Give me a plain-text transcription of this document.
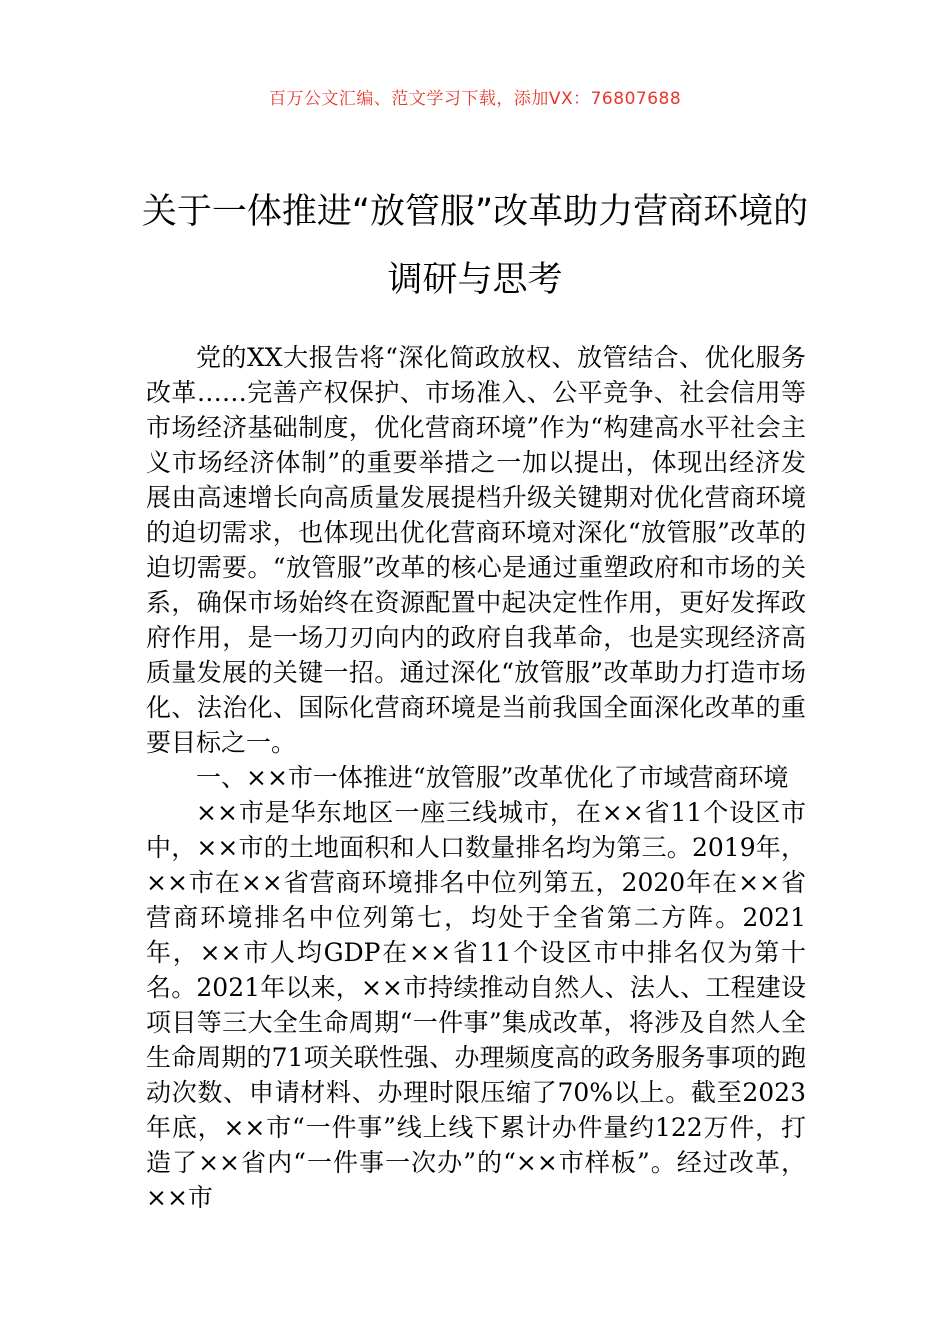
百万公文汇编、范文学习下载，添加VX：76807688
关于一体推进“放管服”改革助力营商环境的调研与思考

党的XX大报告将“深化简政放权、放管结合、优化服务改革……完善产权保护、市场准入、公平竞争、社会信用等市场经济基础制度，优化营商环境”作为“构建高水平社会主义市场经济体制”的重要举措之一加以提出，体现出经济发展由高速增长向高质量发展提档升级关键期对优化营商环境的迫切需求，也体现出优化营商环境对深化“放管服”改革的迫切需要。“放管服”改革的核心是通过重塑政府和市场的关系，确保市场始终在资源配置中起决定性作用，更好发挥政府作用，是一场刀刃向内的政府自我革命，也是实现经济高质量发展的关键一招。通过深化“放管服”改革助力打造市场化、法治化、国际化营商环境是当前我国全面深化改革的重要目标之一。

一、××市一体推进“放管服”改革优化了市域营商环境

××市是华东地区一座三线城市，在××省11个设区市中，××市的土地面积和人口数量排名均为第三。2019年，××市在××省营商环境排名中位列第五，2020年在××省营商环境排名中位列第七，均处于全省第二方阵。2021年，××市人均GDP在××省11个设区市中排名仅为第十名。2021年以来，××市持续推动自然人、法人、工程建设项目等三大全生命周期“一件事”集成改革，将涉及自然人全生命周期的71项关联性强、办理频度高的政务服务事项的跑动次数、申请材料、办理时限压缩了70%以上。截至2023年底，××市“一件事”线上线下累计办件量约122万件，打造了××省内“一件事一次办”的“××市样板”。经过改革，××市
